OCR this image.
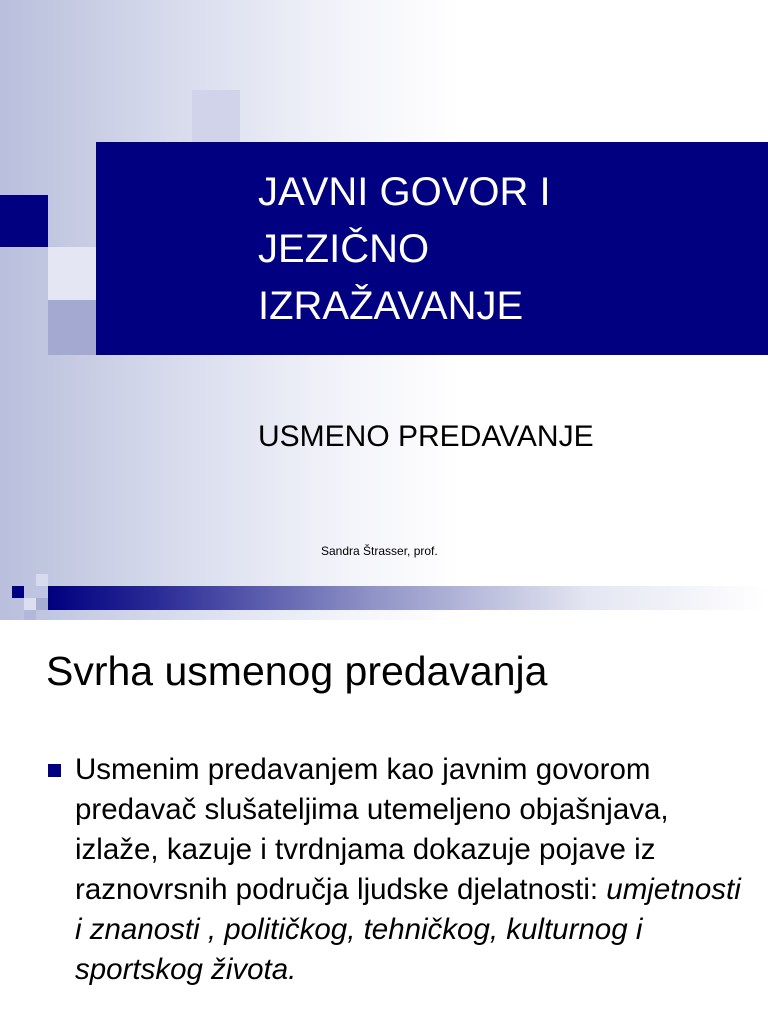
JAVNI GOVOR I
JEZIČNO
IZRAŽAVANJE

USMENO PREDAVANJE

Sandra Štrasser, prof.
Svrha usmenog predavanja
Usmenim predavanjem kao javnim govorom predavač slušateljima utemeljeno objašnjava, izlaže, kazuje i tvrdnjama dokazuje pojave iz raznovrsnih područja ljudske djelatnosti: umjetnosti i znanosti , političkog, tehničkog, kulturnog i sportskog života.
